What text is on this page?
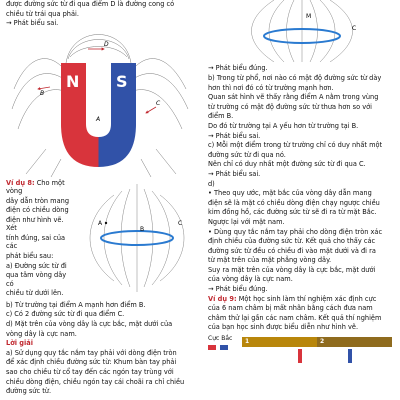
được đường sức từ đi qua điểm D là đường cong có

chiều từ trái qua phải.

→ Phát biểu sai.

N S
D
B
A
C

Ví dụ 8: Cho một vòng

dây dẫn tròn mang

điện có chiều dòng

điện như hình vẽ. Xét

tính đúng, sai của các

phát biểu sau:

a) Đường sức từ đi

qua tâm vòng dây có

chiều từ dưới lên.

A
B
C

b) Từ trường tại điểm A mạnh hơn điểm B.

c) Có 2 đường sức từ đi qua điểm C.

d) Mặt trên của vòng dây là cực bắc, mặt dưới của

vòng dây là cực nam.

Lời giải

a) Sử dụng quy tắc nắm tay phải với dòng điện tròn

để xác định chiều đường sức từ: Khum bàn tay phải

sao cho chiều từ cổ tay đến các ngón tay trùng với

chiều dòng điện, chiều ngón tay cái choãi ra chỉ chiều

đường sức từ.

M
C

→ Phát biểu đúng.

b) Trong từ phổ, nơi nào có mật độ đường sức từ dày

hơn thì nơi đó có từ trường mạnh hơn.

Quan sát hình vẽ thấy rằng điểm A nằm trong vùng

từ trường có mật độ đường sức từ thưa hơn so với

điểm B.

Do đó từ trường tại A yếu hơn từ trường tại B.

→ Phát biểu sai.

c) Mỗi một điểm trong từ trường chỉ có duy nhất một

đường sức từ đi qua nó.

Nên chỉ có duy nhất một đường sức từ đi qua C.

→ Phát biểu sai.

d)

• Theo quy ước, mặt bắc của vòng dây dẫn mang

điện sẽ là mặt có chiều dòng điện chạy ngược chiều

kim đồng hồ, các đường sức từ sẽ đi ra từ mặt Bắc.

Ngược lại với mặt nam.

• Dùng quy tắc nắm tay phải cho dòng điện tròn xác

định chiều của đường sức từ. Kết quả cho thấy các

đường sức từ đều có chiều đi vào mặt dưới và đi ra

từ mặt trên của mặt phẳng vòng dây.

Suy ra mặt trên của vòng dây là cực bắc, mặt dưới

của vòng dây là cực nam.

→ Phát biểu đúng.

Ví dụ 9: Một học sinh làm thí nghiệm xác định cực

của 6 nam châm bị mất nhãn bằng cách đưa nam

châm thử lại gần các nam châm. Kết quả thí nghiệm

của bạn học sinh được biểu diễn như hình vẽ.

Cực Bắc	1	2
